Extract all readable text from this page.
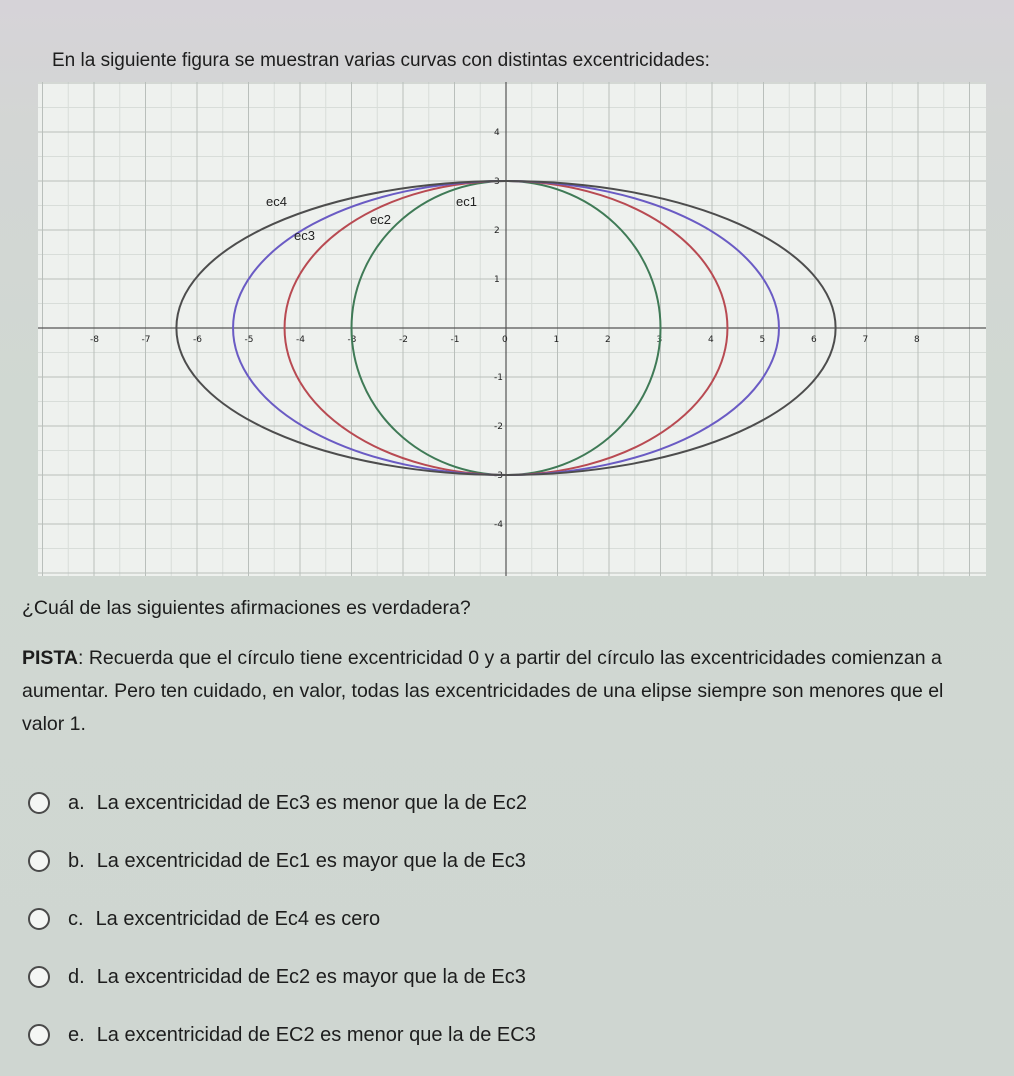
En la siguiente figura se muestran varias curvas con distintas excentricidades:
-8	-7	-6	-5	-4	-3	-2	-1	0	1	2	3	4	5	6	7	8
4
3
2
1
-1
-2
-3
-4
ec1
ec2
ec3
ec4
¿Cuál de las siguientes afirmaciones es verdadera?
PISTA: Recuerda que el círculo tiene excentricidad 0 y a partir del círculo las excentricidades comienzan a aumentar. Pero ten cuidado, en valor, todas las excentricidades de una elipse siempre son menores que el valor 1.
a. La excentricidad de Ec3 es menor que la de Ec2
b. La excentricidad de Ec1 es mayor que la de Ec3
c. La excentricidad de Ec4 es cero
d. La excentricidad de Ec2 es mayor que la de Ec3
e. La excentricidad de EC2 es menor que la de EC3
